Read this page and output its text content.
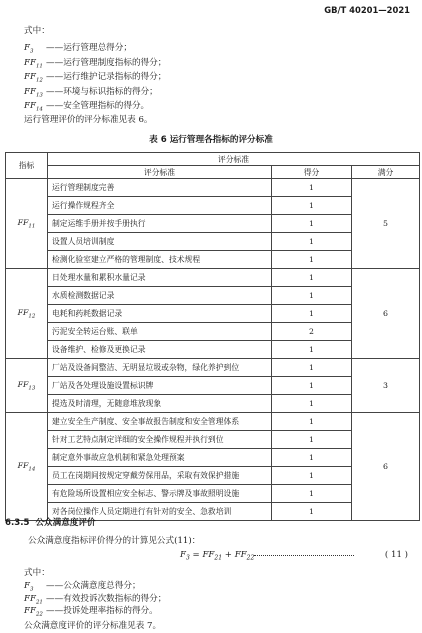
GB/T 40201—2021
式中：
$F_3$ ——运行管理总得分；
$FF_{11}$ ——运行管理制度指标的得分；
$FF_{12}$ ——运行维护记录指标的得分；
$FF_{13}$ ——环境与标识指标的得分；
$FF_{14}$ ——安全管理指标的得分。
运行管理评价的评分标准见表 6。
表 6 运行管理各指标的评分标准
指标	评分标准		
	评分标准	得分	满分
$FF_{11}$	运行管理制度完善	1	5
	运行操作规程齐全	1	
	制定运维手册并按手册执行	1	
	设置人员培训制度	1	
	检测化验室建立严格的管理制度、技术规程	1	
$FF_{12}$	日处理水量和累积水量记录	1	6
	水质检测数据记录	1	
	电耗和药耗数据记录	1	
	污泥安全转运台账、联单	2	
	设备维护、检修及更换记录	1	
$FF_{13}$	厂站及设备间整洁、无明显垃圾或杂物，绿化养护到位	1	3
	厂站及各处理设施设置标识牌	1	
	提选及时清理，无随意堆放现象	1	
$FF_{14}$	建立安全生产制度、安全事故报告制度和安全管理体系	1	6
	针对工艺特点制定详细的安全操作规程并执行到位	1	
	制定意外事故应急机制和紧急处理预案	1	
	员工在岗期间按规定穿戴劳保用品，采取有效保护措施	1	
	有危险场所设置相应安全标志、警示牌及事故照明设施	1	
	对各岗位操作人员定期进行有针对的安全、急救培训	1	
6.3.5 公众满意度评价
公众满意度指标评价得分的计算见公式(11)：
$F_3 = FF_{21} + FF_{22}$	( 11 )
式中：
$F_3$ ——公众满意度总得分；
$FF_{21}$ ——有效投诉次数指标的得分；
$FF_{22}$ ——投诉处理率指标的得分。
公众满意度评价的评分标准见表 7。
